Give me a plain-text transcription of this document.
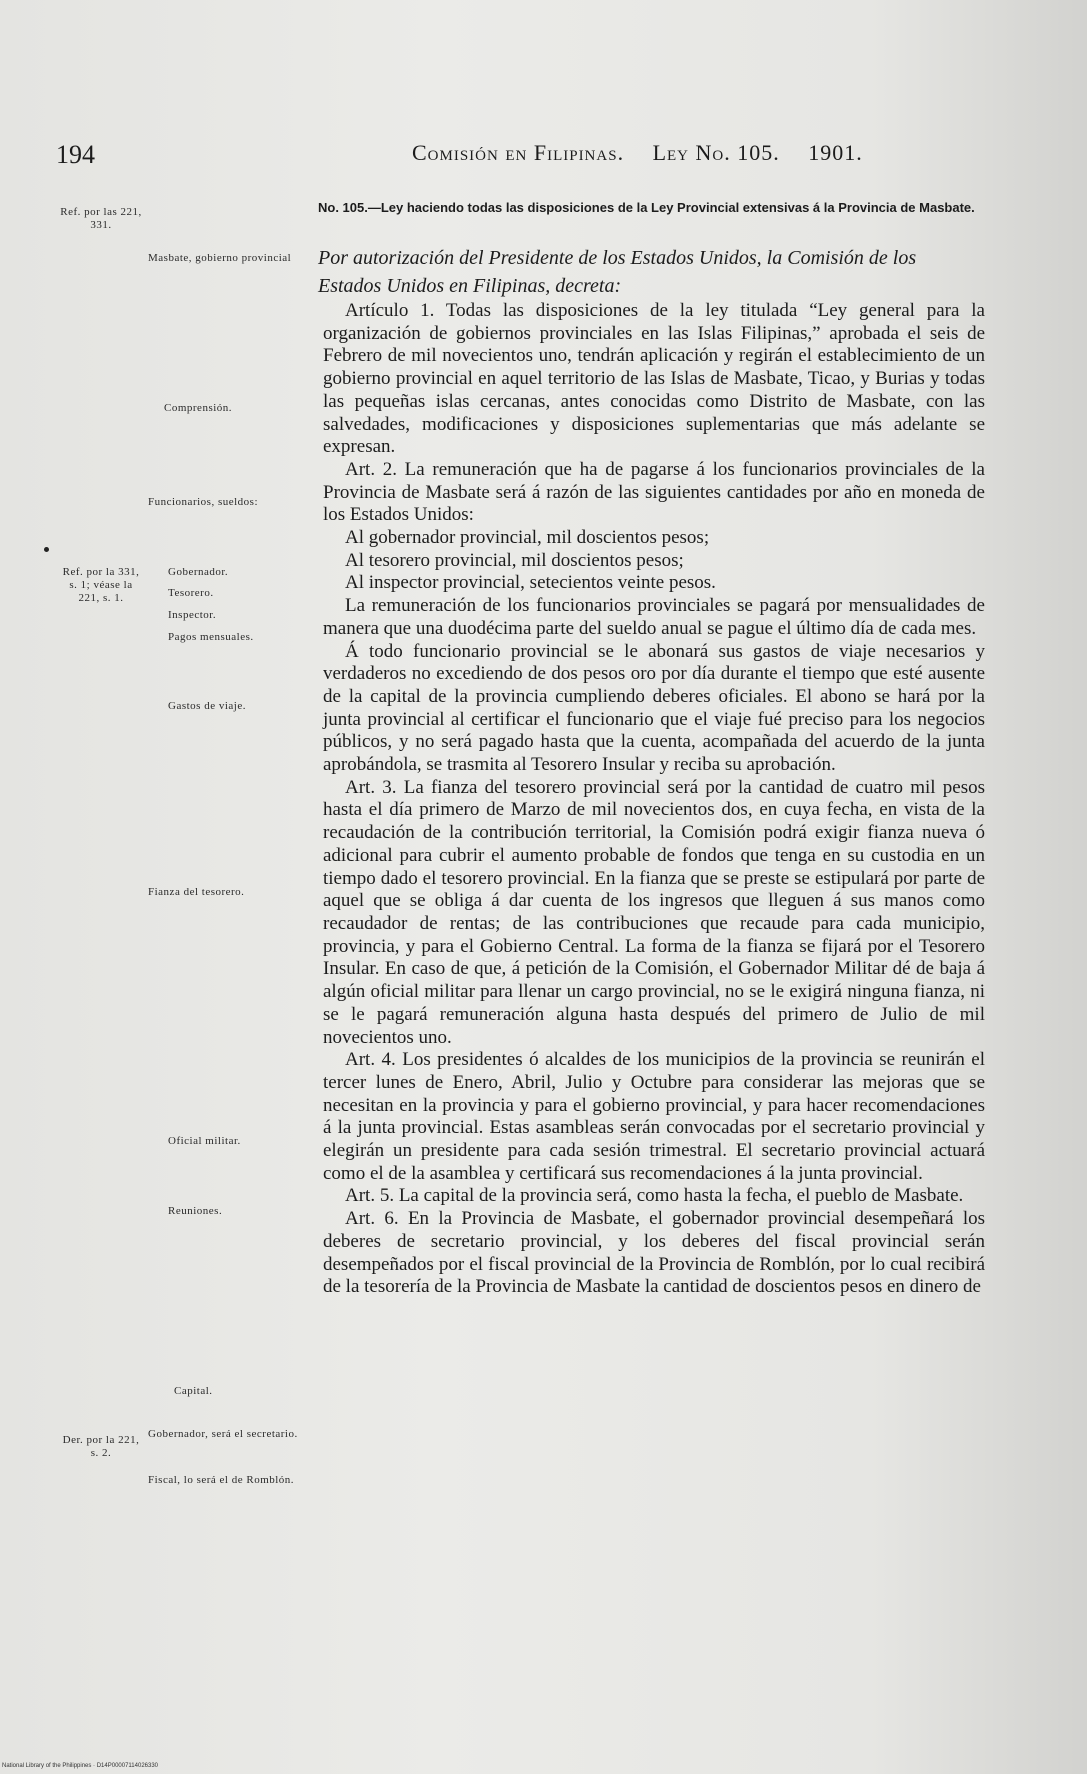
194	Comisión en Filipinas. Ley No. 105. 1901.
Ref. por las 221, 331.
Ref. por la 331, s. 1; véase la 221, s. 1.
Der. por la 221, s. 2.
Masbate, gobierno provincial
Comprensión.
Funcionarios, sueldos:
Gobernador.
Tesorero.
Inspector.
Pagos mensuales.
Gastos de viaje.
Fianza del tesorero.
Oficial militar.
Reuniones.
Capital.
Gobernador, será el secretario.
Fiscal, lo será el de Romblón.
No. 105.—Ley haciendo todas las disposiciones de la Ley Provincial extensivas á la Provincia de Masbate.
Por autorización del Presidente de los Estados Unidos, la Comisión de los Estados Unidos en Filipinas, decreta:

Artículo 1. Todas las disposiciones de la ley titulada “Ley general para la organización de gobiernos provinciales en las Islas Filipinas,” aprobada el seis de Febrero de mil novecientos uno, tendrán aplicación y regirán el establecimiento de un gobierno provincial en aquel territorio de las Islas de Masbate, Ticao, y Burias y todas las pequeñas islas cercanas, antes conocidas como Distrito de Masbate, con las salvedades, modificaciones y disposiciones suplementarias que más adelante se expresan.

Art. 2. La remuneración que ha de pagarse á los funcionarios provinciales de la Provincia de Masbate será á razón de las siguientes cantidades por año en moneda de los Estados Unidos:

Al gobernador provincial, mil doscientos pesos;

Al tesorero provincial, mil doscientos pesos;

Al inspector provincial, setecientos veinte pesos.

La remuneración de los funcionarios provinciales se pagará por mensualidades de manera que una duodécima parte del sueldo anual se pague el último día de cada mes.

Á todo funcionario provincial se le abonará sus gastos de viaje necesarios y verdaderos no excediendo de dos pesos oro por día durante el tiempo que esté ausente de la capital de la provincia cumpliendo deberes oficiales. El abono se hará por la junta provincial al certificar el funcionario que el viaje fué preciso para los negocios públicos, y no será pagado hasta que la cuenta, acompañada del acuerdo de la junta aprobándola, se trasmita al Tesorero Insular y reciba su aprobación.

Art. 3. La fianza del tesorero provincial será por la cantidad de cuatro mil pesos hasta el día primero de Marzo de mil novecientos dos, en cuya fecha, en vista de la recaudación de la contribución territorial, la Comisión podrá exigir fianza nueva ó adicional para cubrir el aumento probable de fondos que tenga en su custodia en un tiempo dado el tesorero provincial. En la fianza que se preste se estipulará por parte de aquel que se obliga á dar cuenta de los ingresos que lleguen á sus manos como recaudador de rentas; de las contribuciones que recaude para cada municipio, provincia, y para el Gobierno Central. La forma de la fianza se fijará por el Tesorero Insular. En caso de que, á petición de la Comisión, el Gobernador Militar dé de baja á algún oficial militar para llenar un cargo provincial, no se le exigirá ninguna fianza, ni se le pagará remuneración alguna hasta después del primero de Julio de mil novecientos uno.

Art. 4. Los presidentes ó alcaldes de los municipios de la provincia se reunirán el tercer lunes de Enero, Abril, Julio y Octubre para considerar las mejoras que se necesitan en la provincia y para el gobierno provincial, y para hacer recomendaciones á la junta provincial. Estas asambleas serán convocadas por el secretario provincial y elegirán un presidente para cada sesión trimestral. El secretario provincial actuará como el de la asamblea y certificará sus recomendaciones á la junta provincial.

Art. 5. La capital de la provincia será, como hasta la fecha, el pueblo de Masbate.

Art. 6. En la Provincia de Masbate, el gobernador provincial desempeñará los deberes de secretario provincial, y los deberes del fiscal provincial serán desempeñados por el fiscal provincial de la Provincia de Romblón, por lo cual recibirá de la tesorería de la Provincia de Masbate la cantidad de doscientos pesos en dinero de

National Library of the Philippines · D14P00007114026330
